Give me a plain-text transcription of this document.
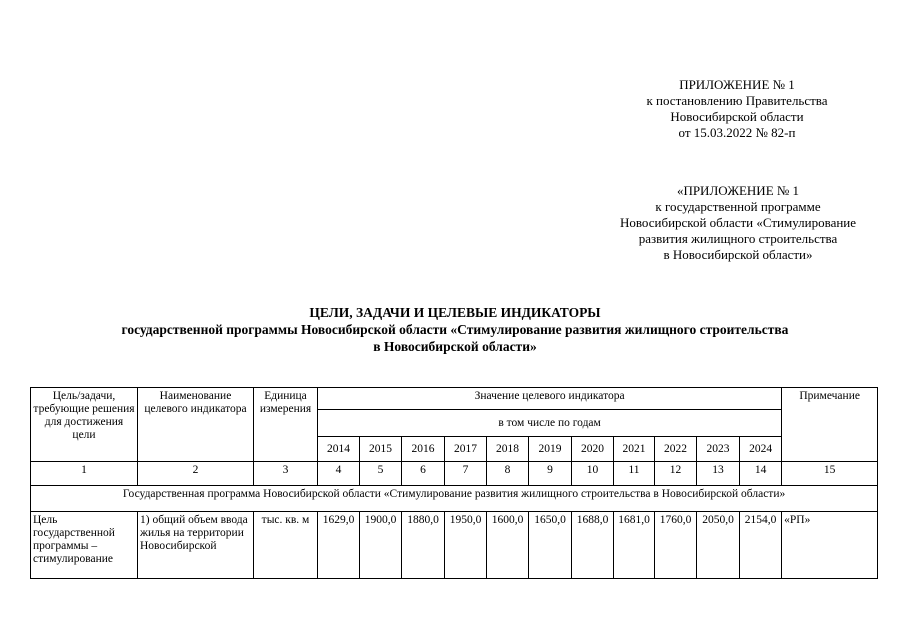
ПРИЛОЖЕНИЕ № 1
к постановлению Правительства
Новосибирской области
от 15.03.2022 № 82-п
«ПРИЛОЖЕНИЕ № 1
к государственной программе
Новосибирской области «Стимулирование
развития жилищного строительства
в Новосибирской области»
ЦЕЛИ, ЗАДАЧИ И ЦЕЛЕВЫЕ ИНДИКАТОРЫ
государственной программы Новосибирской области «Стимулирование развития жилищного строительства
в Новосибирской области»
Цель/задачи, требующие решения для достижения цели	Наименование целевого индикатора	Единица измерения	Значение целевого индикатора											Примечание
			в том числе по годам											
			2014	2015	2016	2017	2018	2019	2020	2021	2022	2023	2024	
1	2	3	4	5	6	7	8	9	10	11	12	13	14	15
Государственная программа Новосибирской области «Стимулирование развития жилищного строительства в Новосибирской области»														
Цель государственной программы – стимулирование	1) общий объем ввода жилья на территории Новосибирской	тыс. кв. м	1629,0	1900,0	1880,0	1950,0	1600,0	1650,0	1688,0	1681,0	1760,0	2050,0	2154,0	«РП»
